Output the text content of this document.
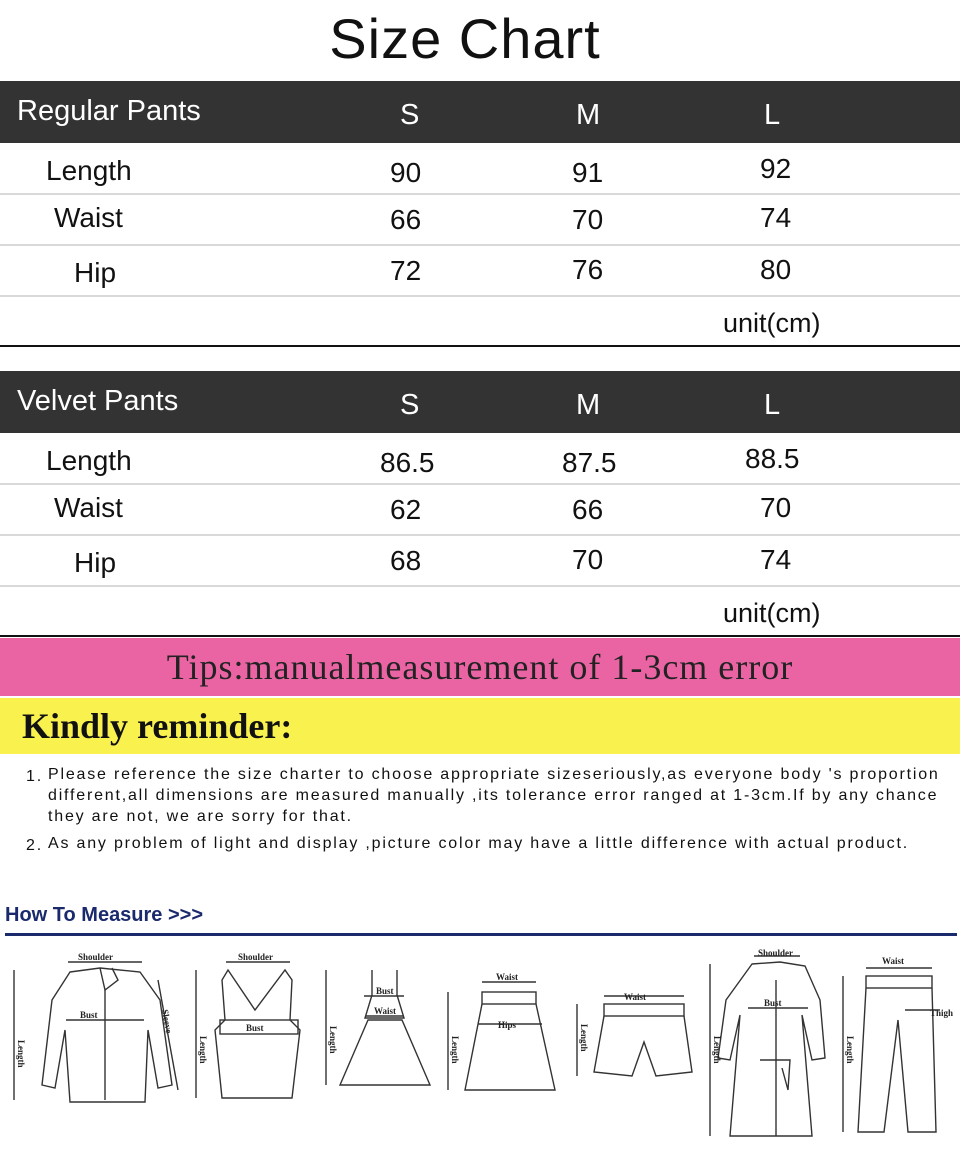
Size Chart
Regular Pants	S	M	L
Length	90	91	92
Waist	66	70	74
Hip	72	76	80
unit(cm)
Velvet Pants	S	M	L
Length	86.5	87.5	88.5
Waist	62	66	70
Hip	68	70	74
unit(cm)
Tips:manualmeasurement of 1-3cm error
Kindly reminder:
1. Please reference the size charter to choose appropriate sizeseriously,as everyone body 's proportion different,all dimensions are measured manually ,its tolerance error ranged at 1-3cm.If by any chance they are not, we are sorry for that.
2. As any problem of light and display ,picture color may have a little difference with actual product.
How To Measure >>>
Shoulder
Length
Bust	Sleeve
Shoulder
Length
Bust	Length
Bust
Waist
Waist
Length
Hips
Waist
Length
Shoulder
Length
Bust
Waist
Length
Thigh
